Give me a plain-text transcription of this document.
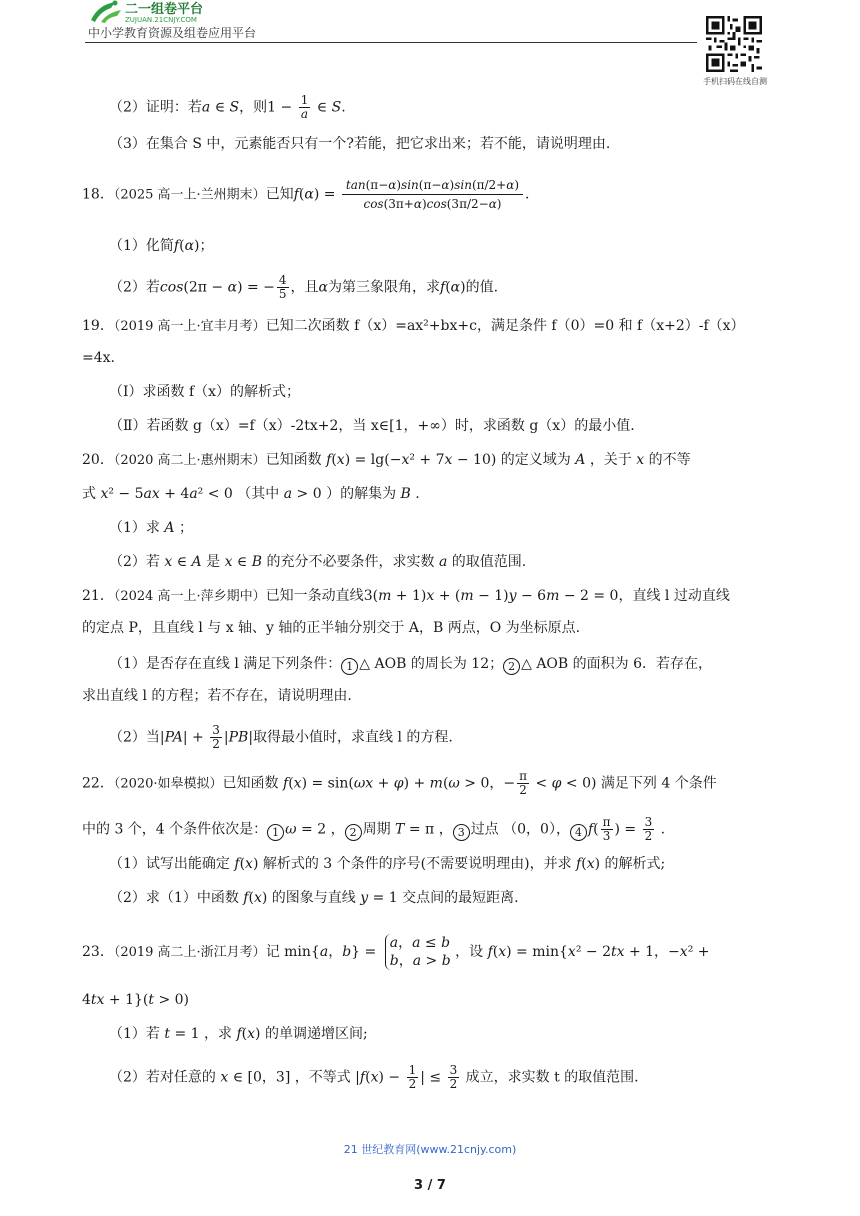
二一组卷平台
ZUJUAN.21CNJY.COM
中小学教育资源及组卷应用平台
手机扫码在线自测
（2）证明：若a ∈ S，则$1 - \frac{1}{a}$ ∈ S.
（3）在集合 S 中，元素能否只有一个?若能，把它求出来；若不能，请说明理由.
18．（2025 高一上·兰州期末）已知$f(\alpha) = \frac{\tan(\pi-\alpha)\sin(\pi-\alpha)\sin(\pi/2+\alpha)}{\cos(3\pi+\alpha)\cos(3\pi/2-\alpha)}$ .
（1）化简f(α)；
（2）若cos(2π − α) = − $\frac{4}{5}$ ，且α为第三象限角，求f(α)的值.
19．（2019 高一上·宜丰月考）已知二次函数 f（x）=ax²+bx+c，满足条件 f（0）=0 和 f（x+2）-f（x）
=4x.
（Ⅰ）求函数 f（x）的解析式；
（Ⅱ）若函数 g（x）=f（x）-2tx+2，当 x∈[1，+∞）时，求函数 g（x）的最小值.
20．（2020 高二上·惠州期末）已知函数 f(x) = lg(−x² + 7x − 10) 的定义域为 A ，关于 x 的不等
式 x² − 5ax + 4a² < 0 （其中 a > 0 ）的解集为 B .
（1）求 A ；
（2）若 x ∈ A 是 x ∈ B 的充分不必要条件，求实数 a 的取值范围.
21．（2024 高一上·萍乡期中）已知一条动直线3(m + 1)x + (m − 1)y − 6m − 2 = 0，直线 l 过动直线
的定点 P，且直线 l 与 x 轴、y 轴的正半轴分别交于 A，B 两点，O 为坐标原点.
（1）是否存在直线 l 满足下列条件： 1 △ AOB 的周长为 12； 2 △ AOB 的面积为 6．若存在，
求出直线 l 的方程；若不存在，请说明理由.
（2）当$|PA| + \frac{3}{2} |PB|$取得最小值时，求直线 l 的方程.
22．（2020·如皋模拟）已知函数 f(x) = sin(ωx + φ) + m(ω > 0，− $\frac{\pi}{2} < \varphi < 0$) 满足下列 4 个条件
中的 3 个，4 个条件依次是： 1 ω = 2 ， 2 周期 T = π ， 3 过点 （0，0）， 4 $f( \frac{\pi}{3}$ ) = $\frac{3}{2}$ .
（1）试写出能确定 f(x) 解析式的 3 个条件的序号(不需要说明理由)，并求 f(x) 的解析式;
（2）求（1）中函数 f(x) 的图象与直线 y = 1 交点间的最短距离.
23．（2019 高二上·浙江月考）记 min{a，b} =
a，a ≤ b
b，a > b
，设 f(x) = min{x² − 2tx + 1，−x² +
4tx + 1}(t > 0)
（1）若 t = 1 ，求 f(x) 的单调递增区间;
（2）若对任意的 x ∈ [0，3] ，不等式 $|f(x) - \frac{1}{2}$ | ≤ $\frac{3}{2}$ 成立，求实数 t 的取值范围.
21 世纪教育网(www.21cnjy.com)
3 / 7
